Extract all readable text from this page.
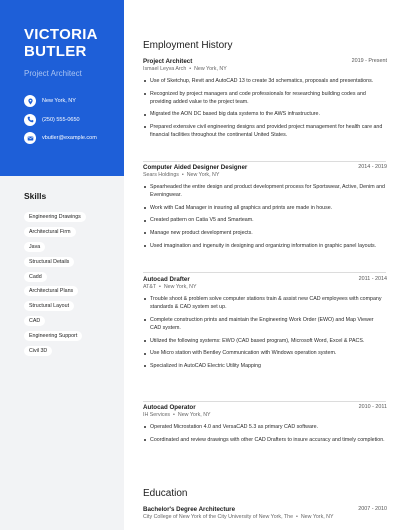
VICTORIA
BUTLER
Project Architect
New York, NY
(250) 555-0650
vbutler@example.com
Skills
Engineering Drawings
Architectural Firm
Java
Structural Details
Cadd
Architectural Plans
Structural Layout
CAD
Engineering Support
Civil 3D
Employment History
Project Architect	2019 - Present
Ismael Leyva Arch  •  New York, NY
Use of Sketchup, Revit and AutoCAD 13 to create 3d schematics, proposals and presentations.
Recognized by project managers and code professionals for researching building codes and providing added value to the project team.
Migrated the AON DC based big data systems to the AWS infrastructure.
Prepared extensive civil engineering designs and provided project management for health care and financial facilities throughout the continental United States.
Computer Aided Designer Designer	2014 - 2019
Sears Holdings  •  New York, NY
Spearheaded the entire design and product development process for Sportswear, Active, Denim and Eveningwear.
Work with Cad Manager in insuring all graphics and prints are made in house.
Created pattern on Catia V5 and Smarteam.
Manage new product development projects.
Used imagination and ingenuity in designing and organizing information in graphic panel layouts.
Autocad Drafter	2011 - 2014
AT&T  •  New York, NY
Trouble shoot & problem solve computer stations train & assist new CAD employees with company standards & CAD system set up.
Complete construction prints and maintain the Engineering Work Order (EWO) and Map Viewer CAD system.
Utilized the following systems: EWO (CAD based program), Microsoft Word, Excel & PACS.
Use Micro station with Bentley Communication with Windows operation system.
Specialized in AutoCAD Electric Utility Mapping
Autocad Operator	2010 - 2011
IH Services  •  New York, NY
Operated Microstation 4.0 and VersaCAD 5.3 as primary CAD software.
Coordinated and review drawings with other CAD Drafters to insure accuracy and timely completion.
Education
Bachelor's Degree Architecture	2007 - 2010
City College of New York of the City University of New York, The  •  New York, NY
